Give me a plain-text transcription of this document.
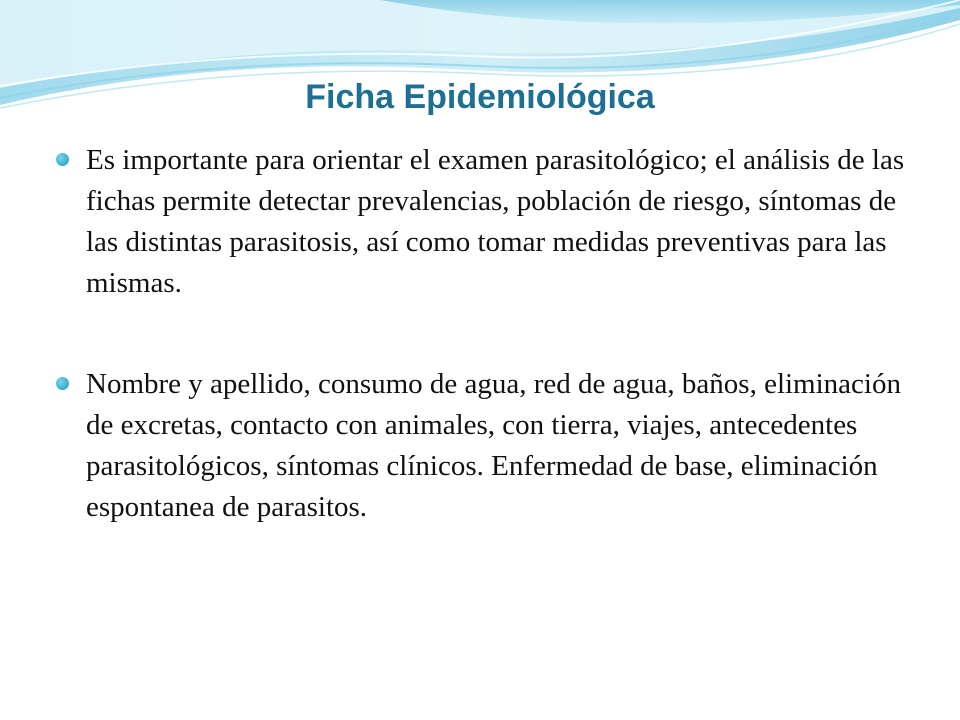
Ficha Epidemiológica
Es importante para orientar el examen parasitológico; el análisis de las fichas permite detectar prevalencias, población de riesgo, síntomas de las distintas parasitosis, así como tomar medidas preventivas para las mismas.
Nombre y apellido, consumo de agua, red de agua, baños, eliminación de excretas, contacto con animales, con tierra, viajes, antecedentes parasitológicos, síntomas clínicos. Enfermedad de base, eliminación espontanea de parasitos.
